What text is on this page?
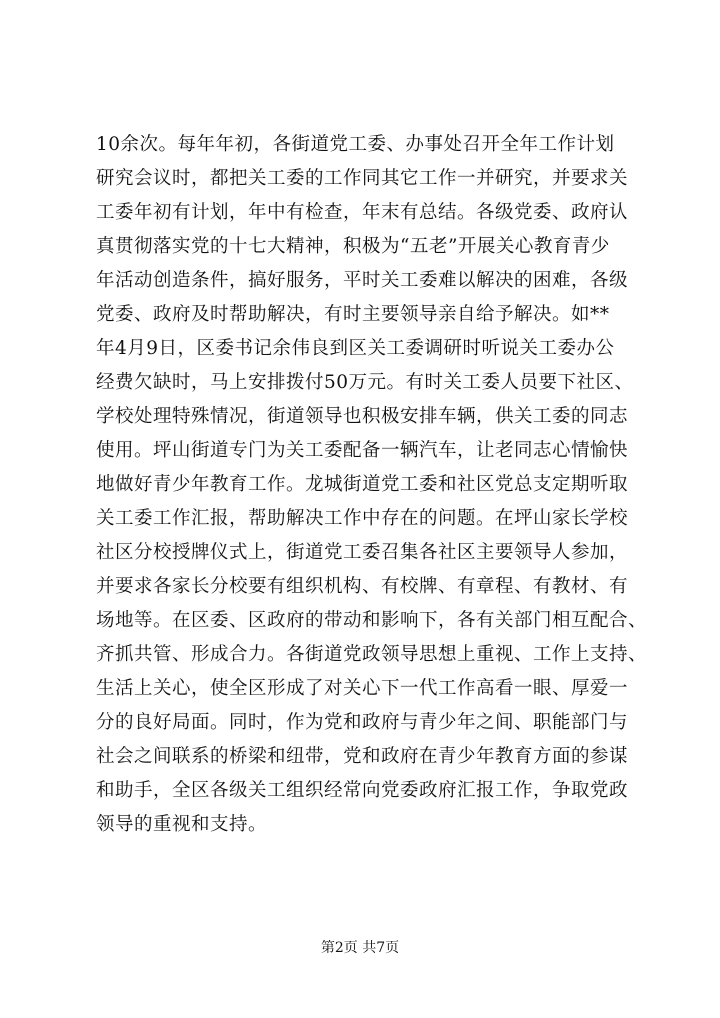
10余次。每年年初，各街道党工委、办事处召开全年工作计划
研究会议时，都把关工委的工作同其它工作一并研究，并要求关
工委年初有计划，年中有检查，年末有总结。各级党委、政府认
真贯彻落实党的十七大精神，积极为“五老”开展关心教育青少
年活动创造条件，搞好服务，平时关工委难以解决的困难，各级
党委、政府及时帮助解决，有时主要领导亲自给予解决。如**
年4月9日，区委书记余伟良到区关工委调研时听说关工委办公
经费欠缺时，马上安排拨付50万元。有时关工委人员要下社区、
学校处理特殊情况，街道领导也积极安排车辆，供关工委的同志
使用。坪山街道专门为关工委配备一辆汽车，让老同志心情愉快
地做好青少年教育工作。龙城街道党工委和社区党总支定期听取
关工委工作汇报，帮助解决工作中存在的问题。在坪山家长学校
社区分校授牌仪式上，街道党工委召集各社区主要领导人参加，
并要求各家长分校要有组织机构、有校牌、有章程、有教材、有
场地等。在区委、区政府的带动和影响下，各有关部门相互配合、
齐抓共管、形成合力。各街道党政领导思想上重视、工作上支持、
生活上关心，使全区形成了对关心下一代工作高看一眼、厚爱一
分的良好局面。同时，作为党和政府与青少年之间、职能部门与
社会之间联系的桥梁和纽带，党和政府在青少年教育方面的参谋
和助手，全区各级关工组织经常向党委政府汇报工作，争取党政
领导的重视和支持。
第2页 共7页
